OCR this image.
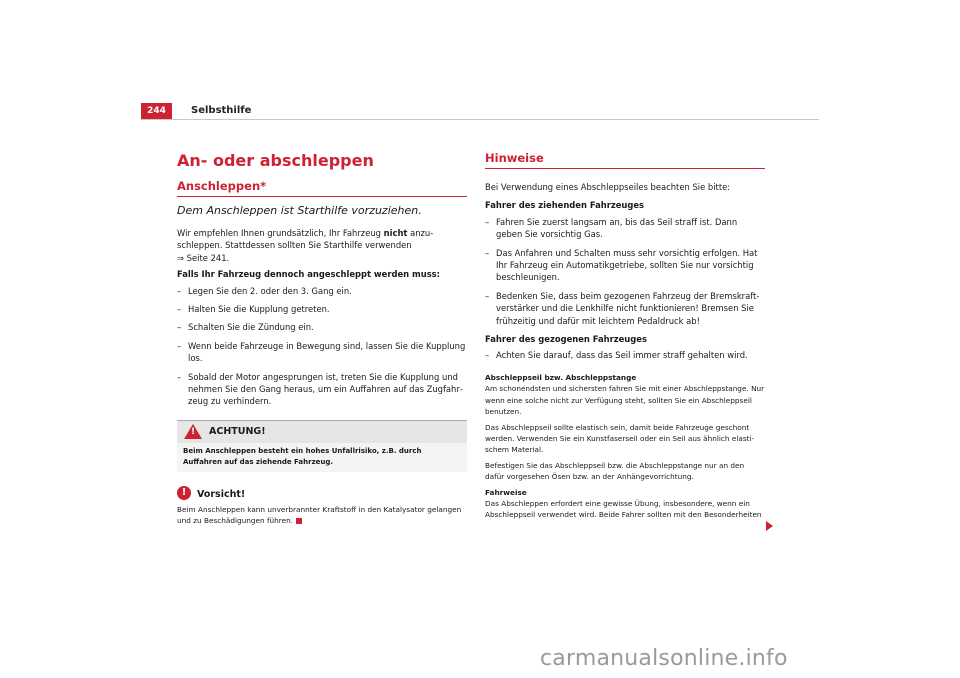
244	Selbsthilfe
An- oder abschleppen
Anschleppen*
Dem Anschleppen ist Starthilfe vorzuziehen.

Wir empfehlen Ihnen grundsätzlich, Ihr Fahrzeug nicht anzuschleppen. Stattdessen sollten Sie Starthilfe verwenden
⇒ Seite 241.

Falls Ihr Fahrzeug dennoch angeschleppt werden muss:

– Legen Sie den 2. oder den 3. Gang ein.
– Halten Sie die Kupplung getreten.
– Schalten Sie die Zündung ein.
– Wenn beide Fahrzeuge in Bewegung sind, lassen Sie die Kupplung los.
– Sobald der Motor angesprungen ist, treten Sie die Kupplung und nehmen Sie den Gang heraus, um ein Auffahren auf das Zugfahrzeug zu verhindern.
!
ACHTUNG!
Beim Anschleppen besteht ein hohes Unfallrisiko, z.B. durch Auffahren auf das ziehende Fahrzeug.
!	Vorsicht!

Beim Anschleppen kann unverbrannter Kraftstoff in den Katalysator gelangen und zu Beschädigungen führen.

Hinweise

Bei Verwendung eines Abschleppseiles beachten Sie bitte:

Fahrer des ziehenden Fahrzeuges

– Fahren Sie zuerst langsam an, bis das Seil straff ist. Dann geben Sie vorsichtig Gas.
– Das Anfahren und Schalten muss sehr vorsichtig erfolgen. Hat Ihr Fahrzeug ein Automatikgetriebe, sollten Sie nur vorsichtig beschleunigen.
– Bedenken Sie, dass beim gezogenen Fahrzeug der Bremskraftverstärker und die Lenkhilfe nicht funktionieren! Bremsen Sie frühzeitig und dafür mit leichtem Pedaldruck ab!

Fahrer des gezogenen Fahrzeuges

– Achten Sie darauf, dass das Seil immer straff gehalten wird.

Abschleppseil bzw. Abschleppstange

Am schonendsten und sichersten fahren Sie mit einer Abschleppstange. Nur wenn eine solche nicht zur Verfügung steht, sollten Sie ein Abschleppseil benutzen.

Das Abschleppseil sollte elastisch sein, damit beide Fahrzeuge geschont werden. Verwenden Sie ein Kunstfaserseil oder ein Seil aus ähnlich elastischem Material.

Befestigen Sie das Abschleppseil bzw. die Abschleppstange nur an den dafür vorgesehen Ösen bzw. an der Anhängevorrichtung.

Fahrweise

Das Abschleppen erfordert eine gewisse Übung, insbesondere, wenn ein Abschleppseil verwendet wird. Beide Fahrer sollten mit den Besonderheiten

carmanualsonline.info
